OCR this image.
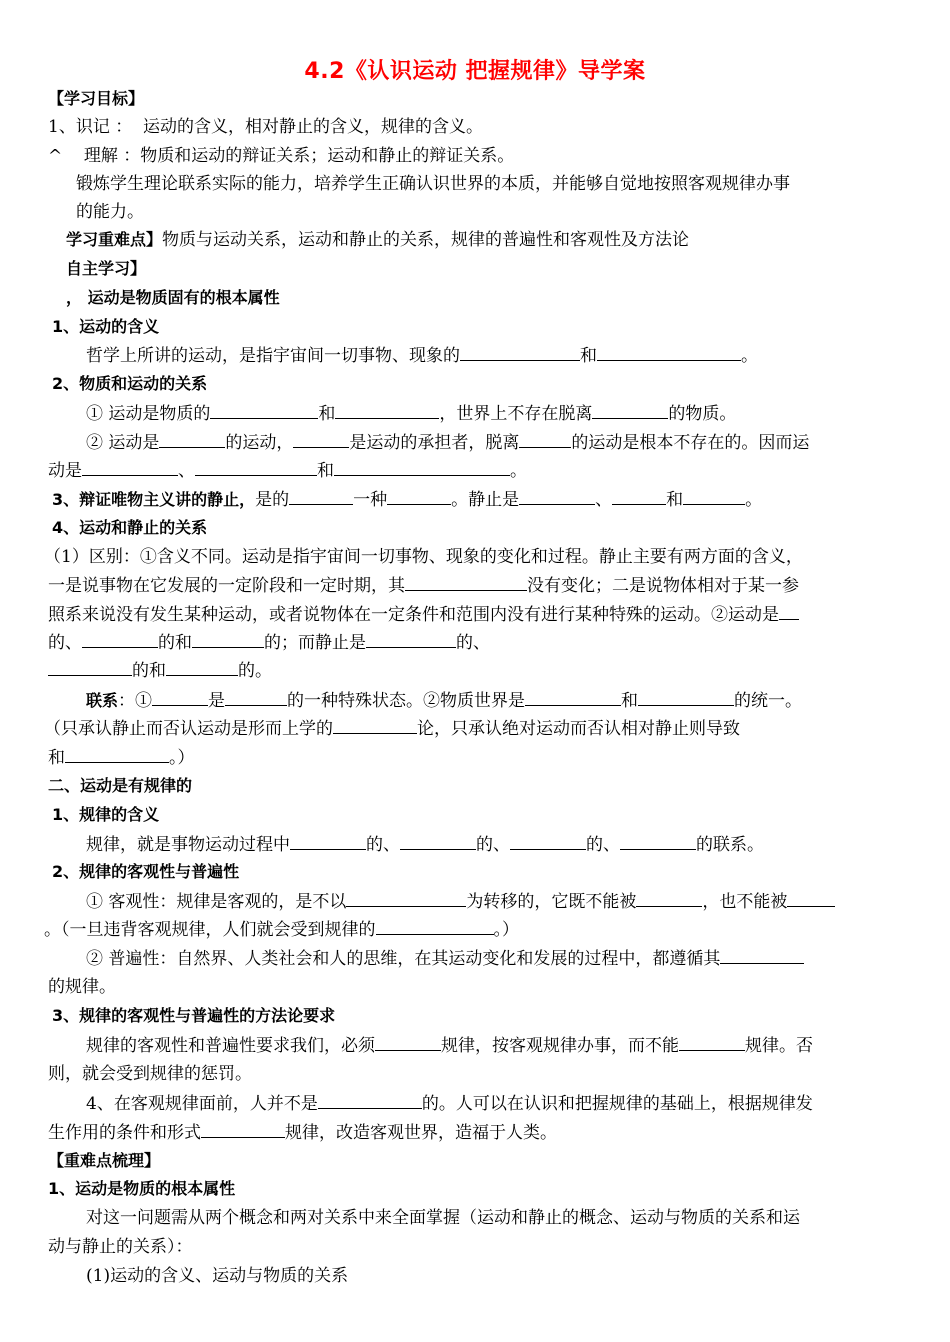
4.2《认识运动 把握规律》导学案
【学习目标】
1、识记 ： 运动的含义，相对静止的含义，规律的含义。
^ 理解 ：物质和运动的辩证关系；运动和静止的辩证关系。
锻炼学生理论联系实际的能力，培养学生正确认识世界的本质，并能够自觉地按照客观规律办事
的能力。
学习重难点】物质与运动关系，运动和静止的关系，规律的普遍性和客观性及方法论
自主学习】
， 运动是物质固有的根本属性
1、运动的含义
哲学上所讲的运动，是指宇宙间一切事物、现象的	和	。
2、物质和运动的关系
① 运动是物质的	和	，世界上不存在脱离	的物质。
② 运动是	的运动，	是运动的承担者，脱离	的运动是根本不存在的。因而运
动是	、	和	。
3、辩证唯物主义讲的静止，是的	一种	。静止是	、	和	。
4、运动和静止的关系
（1）区别：①含义不同。运动是指宇宙间一切事物、现象的变化和过程。静止主要有两方面的含义，
一是说事物在它发展的一定阶段和一定时期，其	没有变化；二是说物体相对于某一参
照系来说没有发生某种运动，或者说物体在一定条件和范围内没有进行某种特殊的运动。②运动是
的、	的和	的；而静止是	的、
的和	的。
联系：①	是	的一种特殊状态。②物质世界是	和	的统一。
（只承认静止而否认运动是形而上学的	论，只承认绝对运动而否认相对静止则导致
和	。）
二、运动是有规律的
1、规律的含义
规律，就是事物运动过程中	的、	的、	的、	的联系。
2、规律的客观性与普遍性
① 客观性：规律是客观的，是不以	为转移的，它既不能被	，也不能被
。（一旦违背客观规律，人们就会受到规律的	。）
② 普遍性：自然界、人类社会和人的思维，在其运动变化和发展的过程中，都遵循其
的规律。
3、规律的客观性与普遍性的方法论要求
规律的客观性和普遍性要求我们，必须	规律，按客观规律办事，而不能	规律。否
则，就会受到规律的惩罚。
4、在客观规律面前，人并不是	的。人可以在认识和把握规律的基础上，根据规律发
生作用的条件和形式	规律，改造客观世界，造福于人类。
【重难点梳理】
1、运动是物质的根本属性
对这一问题需从两个概念和两对关系中来全面掌握（运动和静止的概念、运动与物质的关系和运
动与静止的关系）：
(1)运动的含义、运动与物质的关系
